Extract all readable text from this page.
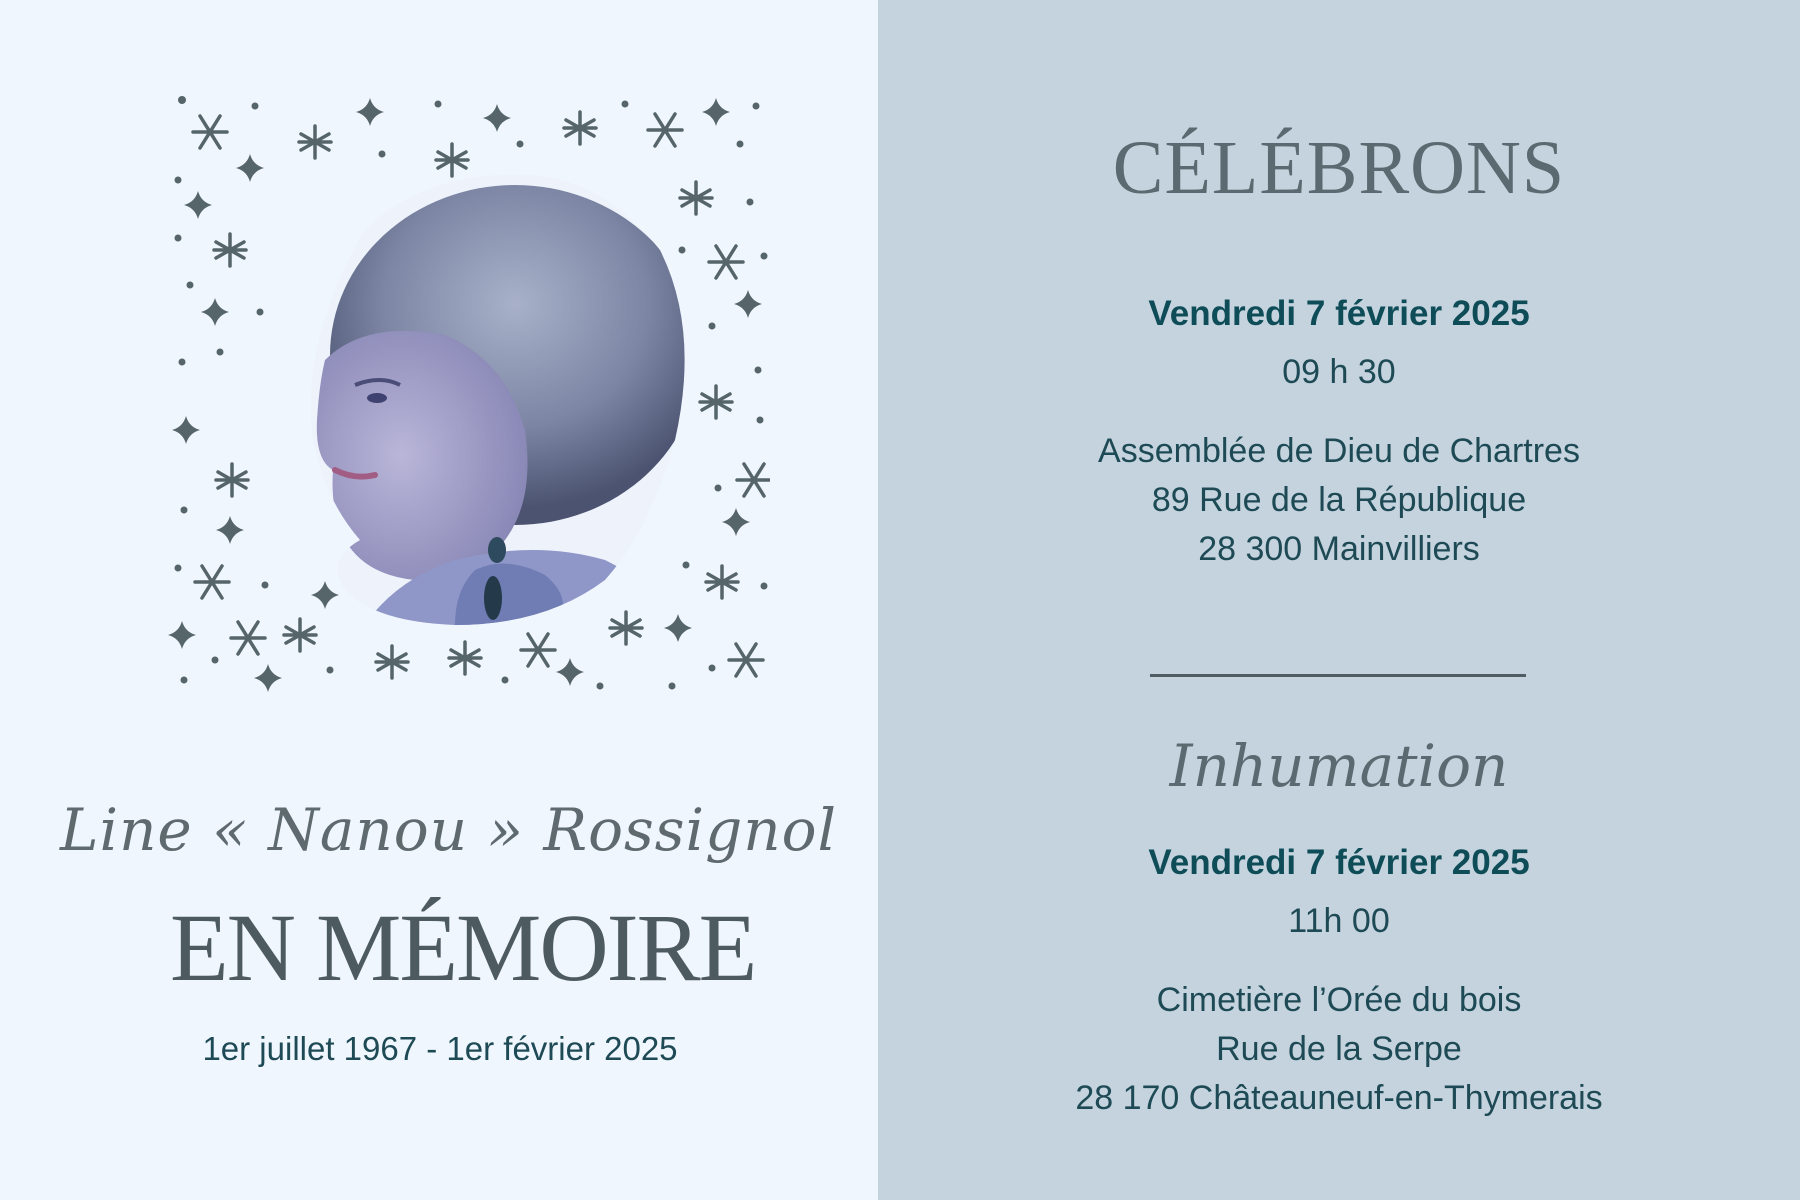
Line « Nanou » Rossignol
EN MÉMOIRE
1er juillet 1967 - 1er février 2025
CÉLÉBRONS
Vendredi 7 février 2025
09 h 30
Assemblée de Dieu de Chartres
89 Rue de la République
28 300 Mainvilliers
Inhumation
Vendredi 7 février 2025
11h 00
Cimetière l’Orée du bois
Rue de la Serpe
28 170 Châteauneuf-en-Thymerais
